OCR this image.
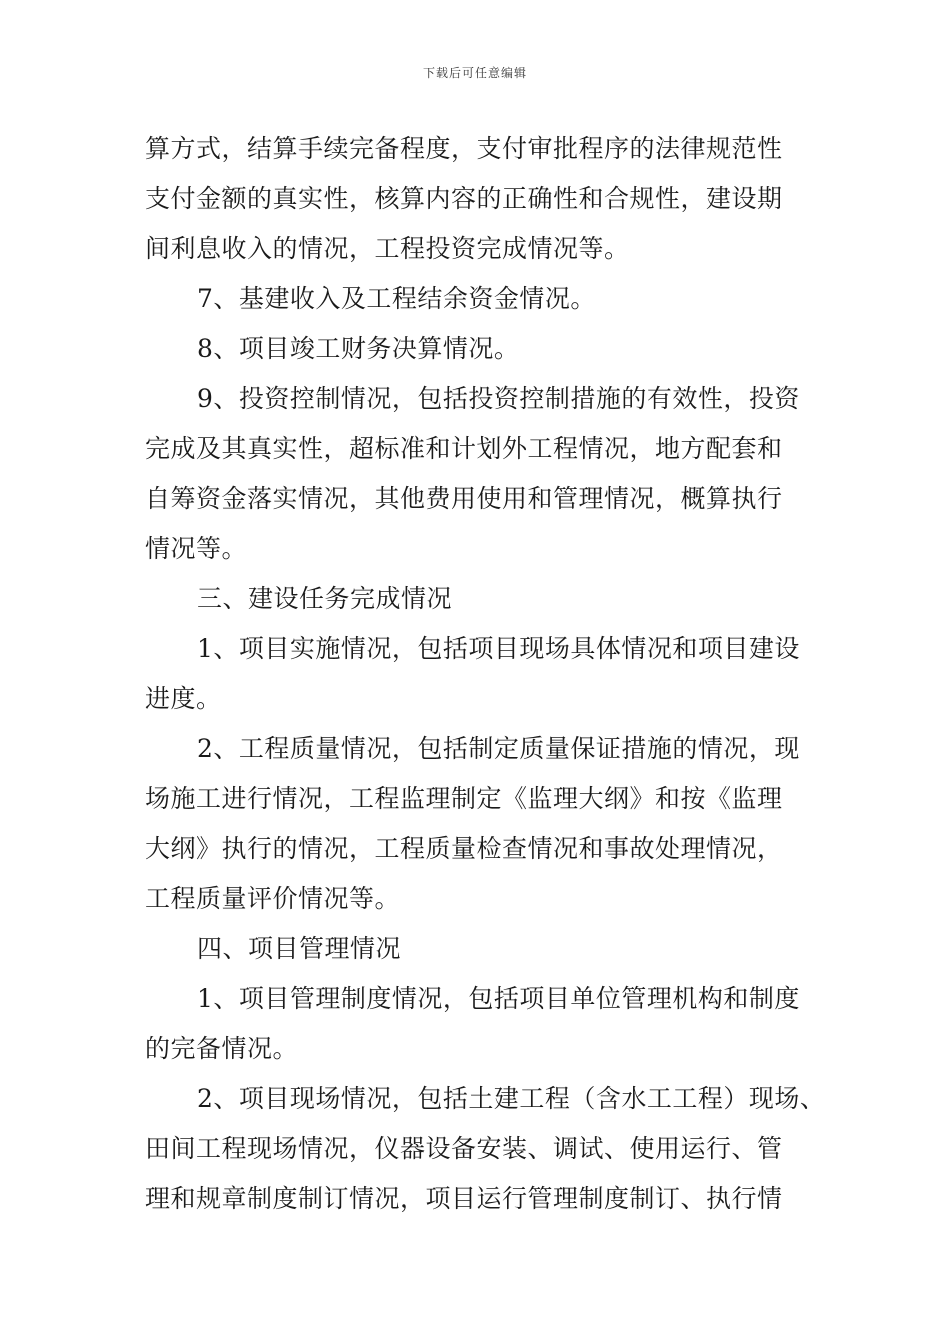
下载后可任意编辑
算方式，结算手续完备程度，支付审批程序的法律规范性
支付金额的真实性，核算内容的正确性和合规性，建设期
间利息收入的情况，工程投资完成情况等。
7、基建收入及工程结余资金情况。
8、项目竣工财务决算情况。
9、投资控制情况，包括投资控制措施的有效性，投资
完成及其真实性，超标准和计划外工程情况，地方配套和
自筹资金落实情况，其他费用使用和管理情况，概算执行
情况等。
三、建设任务完成情况
1、项目实施情况，包括项目现场具体情况和项目建设
进度。
2、工程质量情况，包括制定质量保证措施的情况，现
场施工进行情况，工程监理制定《监理大纲》和按《监理
大纲》执行的情况，工程质量检查情况和事故处理情况，
工程质量评价情况等。
四、项目管理情况
1、项目管理制度情况，包括项目单位管理机构和制度
的完备情况。
2、项目现场情况，包括土建工程（含水工工程）现场、
田间工程现场情况，仪器设备安装、调试、使用运行、管
理和规章制度制订情况，项目运行管理制度制订、执行情
